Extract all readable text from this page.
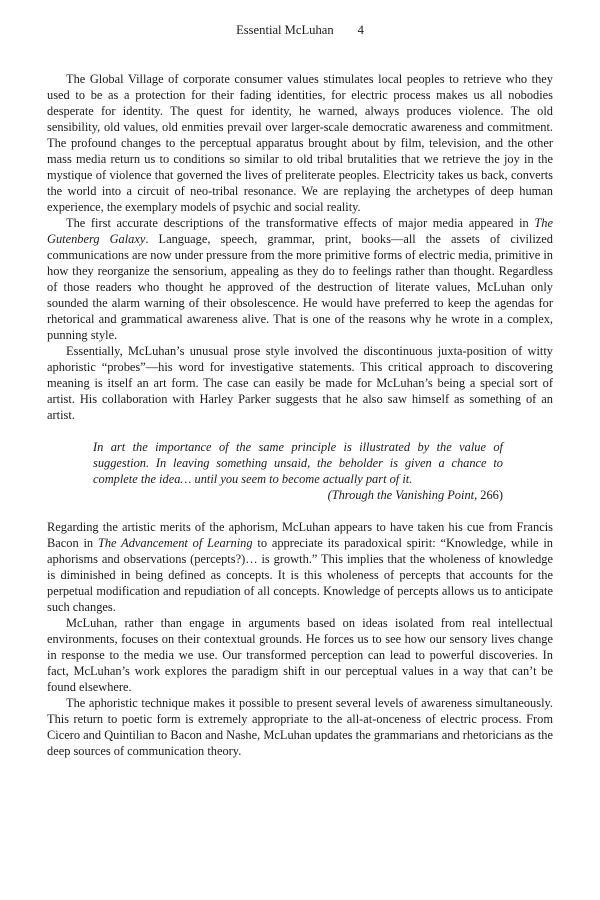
Essential McLuhan 4

The Global Village of corporate consumer values stimulates local peoples to retrieve who they used to be as a protection for their fading identities, for electric process makes us all nobodies desperate for identity. The quest for identity, he warned, always produces violence. The old sensibility, old values, old enmities prevail over larger-scale democratic awareness and commitment. The profound changes to the perceptual apparatus brought about by film, television, and the other mass media return us to conditions so similar to old tribal brutalities that we retrieve the joy in the mystique of violence that governed the lives of preliterate peoples. Electricity takes us back, converts the world into a circuit of neo-tribal resonance. We are replaying the archetypes of deep human experience, the exemplary models of psychic and social reality.

The first accurate descriptions of the transformative effects of major media appeared in The Gutenberg Galaxy. Language, speech, grammar, print, books—all the assets of civilized communications are now under pressure from the more primitive forms of electric media, primitive in how they reorganize the sensorium, appealing as they do to feelings rather than thought. Regardless of those readers who thought he approved of the destruction of literate values, McLuhan only sounded the alarm warning of their obsolescence. He would have preferred to keep the agendas for rhetorical and grammatical awareness alive. That is one of the reasons why he wrote in a complex, punning style.

Essentially, McLuhan’s unusual prose style involved the discontinuous juxta-position of witty aphoristic “probes”—his word for investigative statements. This critical approach to discovering meaning is itself an art form. The case can easily be made for McLuhan’s being a special sort of artist. His collaboration with Harley Parker suggests that he also saw himself as something of an artist.

In art the importance of the same principle is illustrated by the value of suggestion. In leaving something unsaid, the beholder is given a chance to complete the idea… until you seem to become actually part of it.

(Through the Vanishing Point, 266)

Regarding the artistic merits of the aphorism, McLuhan appears to have taken his cue from Francis Bacon in The Advancement of Learning to appreciate its paradoxical spirit: “Knowledge, while in aphorisms and observations (percepts?)… is growth.” This implies that the wholeness of knowledge is diminished in being defined as concepts. It is this wholeness of percepts that accounts for the perpetual modification and repudiation of all concepts. Knowledge of percepts allows us to anticipate such changes.

McLuhan, rather than engage in arguments based on ideas isolated from real intellectual environments, focuses on their contextual grounds. He forces us to see how our sensory lives change in response to the media we use. Our transformed perception can lead to powerful discoveries. In fact, McLuhan’s work explores the paradigm shift in our perceptual values in a way that can’t be found elsewhere.

The aphoristic technique makes it possible to present several levels of awareness simultaneously. This return to poetic form is extremely appropriate to the all-at-onceness of electric process. From Cicero and Quintilian to Bacon and Nashe, McLuhan updates the grammarians and rhetoricians as the deep sources of communication theory.
